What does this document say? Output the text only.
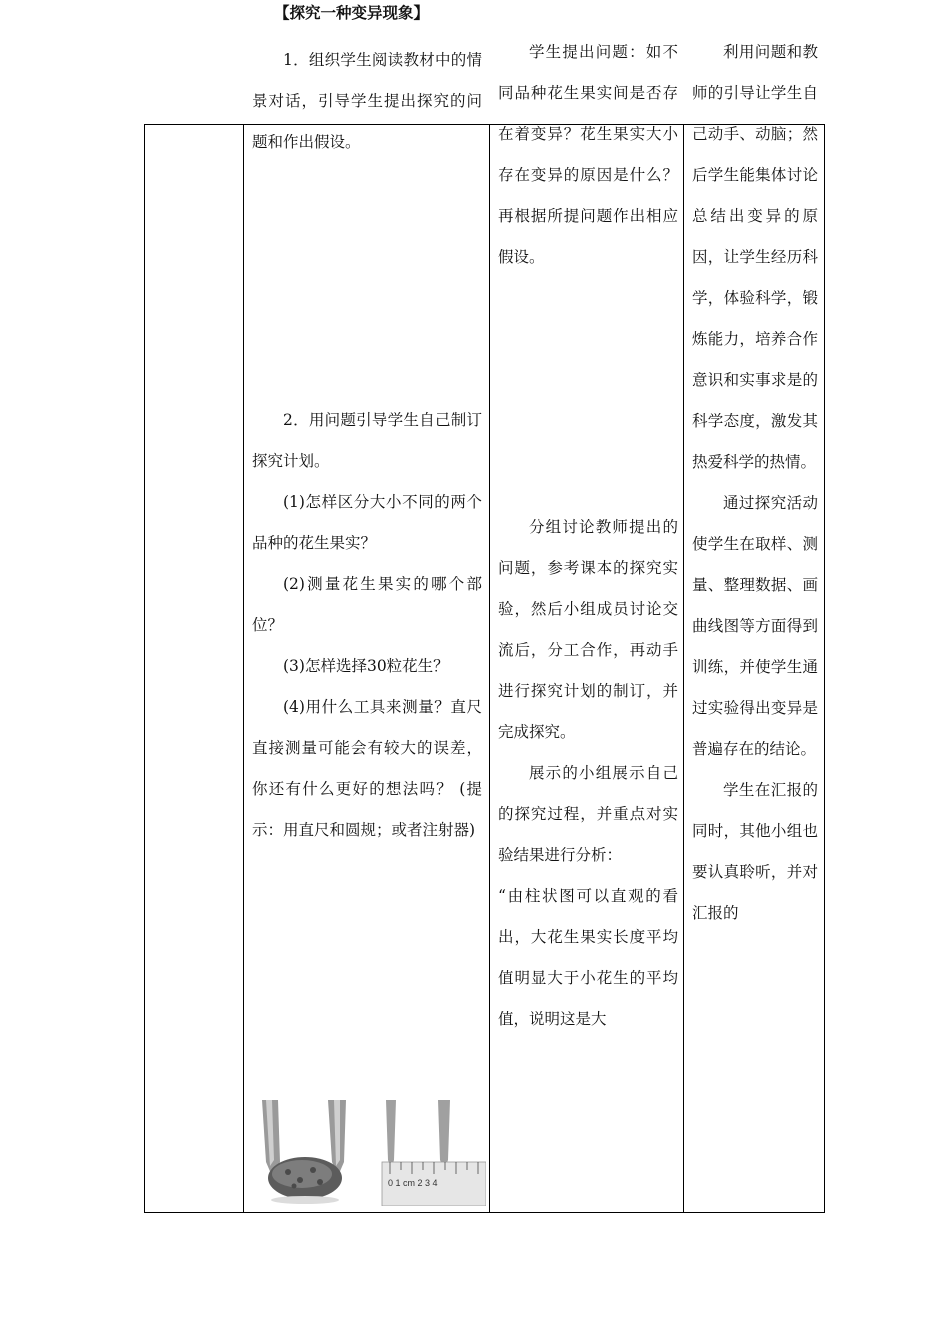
【探究一种变异现象】

1．组织学生阅读教材中的情景对话，引导学生提出探究的问题和作出假设。

2．用问题引导学生自己制订探究计划。

(1)怎样区分大小不同的两个品种的花生果实？

(2)测量花生果实的哪个部位？

(3)怎样选择30粒花生？

(4)用什么工具来测量？直尺直接测量可能会有较大的误差，你还有什么更好的想法吗？ (提示：用直尺和圆规；或者注射器)

学生提出问题：如不同品种花生果实间是否存在着变异？花生果实大小存在变异的原因是什么？再根据所提问题作出相应假设。

分组讨论教师提出的问题，参考课本的探究实验，然后小组成员讨论交流后，分工合作，再动手进行探究计划的制订，并完成探究。

展示的小组展示自己的探究过程，并重点对实验结果进行分析：

“由柱状图可以直观的看出，大花生果实长度平均值明显大于小花生的平均值，说明这是大

利用问题和教师的引导让学生自己动手、动脑；然后学生能集体讨论总结出变异的原因，让学生经历科学，体验科学，锻炼能力，培养合作意识和实事求是的科学态度，激发其热爱科学的热情。

通过探究活动使学生在取样、测量、整理数据、画曲线图等方面得到训练，并使学生通过实验得出变异是普遍存在的结论。

学生在汇报的同时，其他小组也要认真聆听，并对汇报的

0 1 cm 2 3 4
